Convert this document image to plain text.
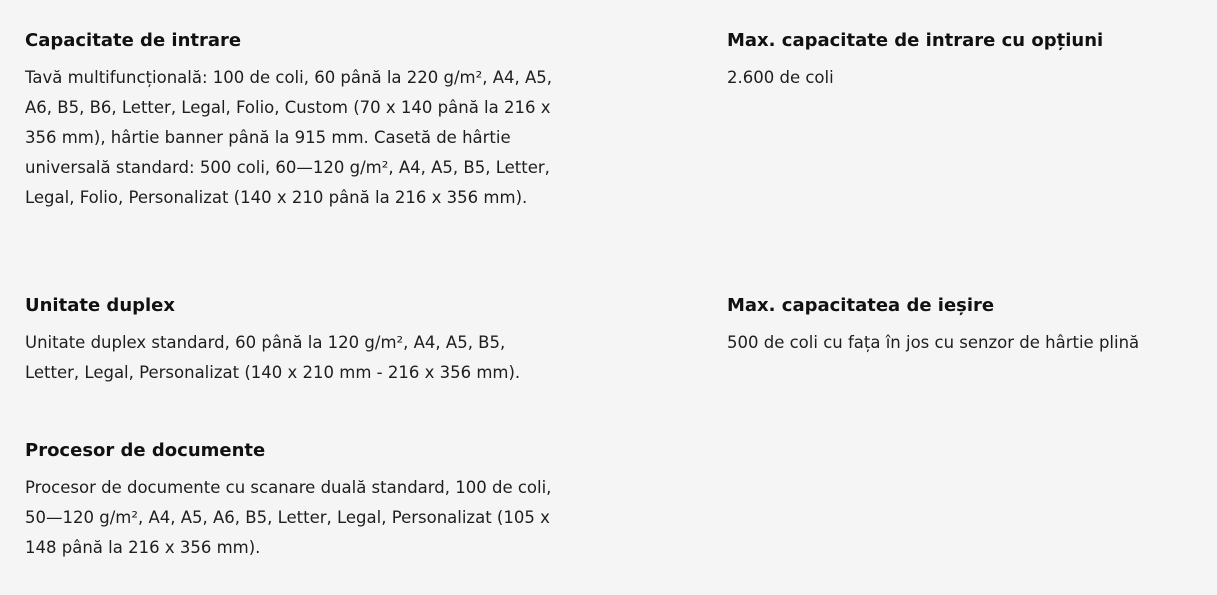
Capacitate de intrare

Tavă multifuncțională: 100 de coli, 60 până la 220 g/m², A4, A5, A6, B5, B6, Letter, Legal, Folio, Custom (70 x 140 până la 216 x 356 mm), hârtie banner până la 915 mm. Casetă de hârtie universală standard: 500 coli, 60—120 g/m², A4, A5, B5, Letter, Legal, Folio, Personalizat (140 x 210 până la 216 x 356 mm).

Unitate duplex

Unitate duplex standard, 60 până la 120 g/m², A4, A5, B5, Letter, Legal, Personalizat (140 x 210 mm - 216 x 356 mm).

Procesor de documente

Procesor de documente cu scanare duală standard, 100 de coli, 50—120 g/m², A4, A5, A6, B5, Letter, Legal, Personalizat (105 x 148 până la 216 x 356 mm).

Max. capacitate de intrare cu opțiuni

2.600 de coli

Max. capacitatea de ieșire

500 de coli cu fața în jos cu senzor de hârtie plină
